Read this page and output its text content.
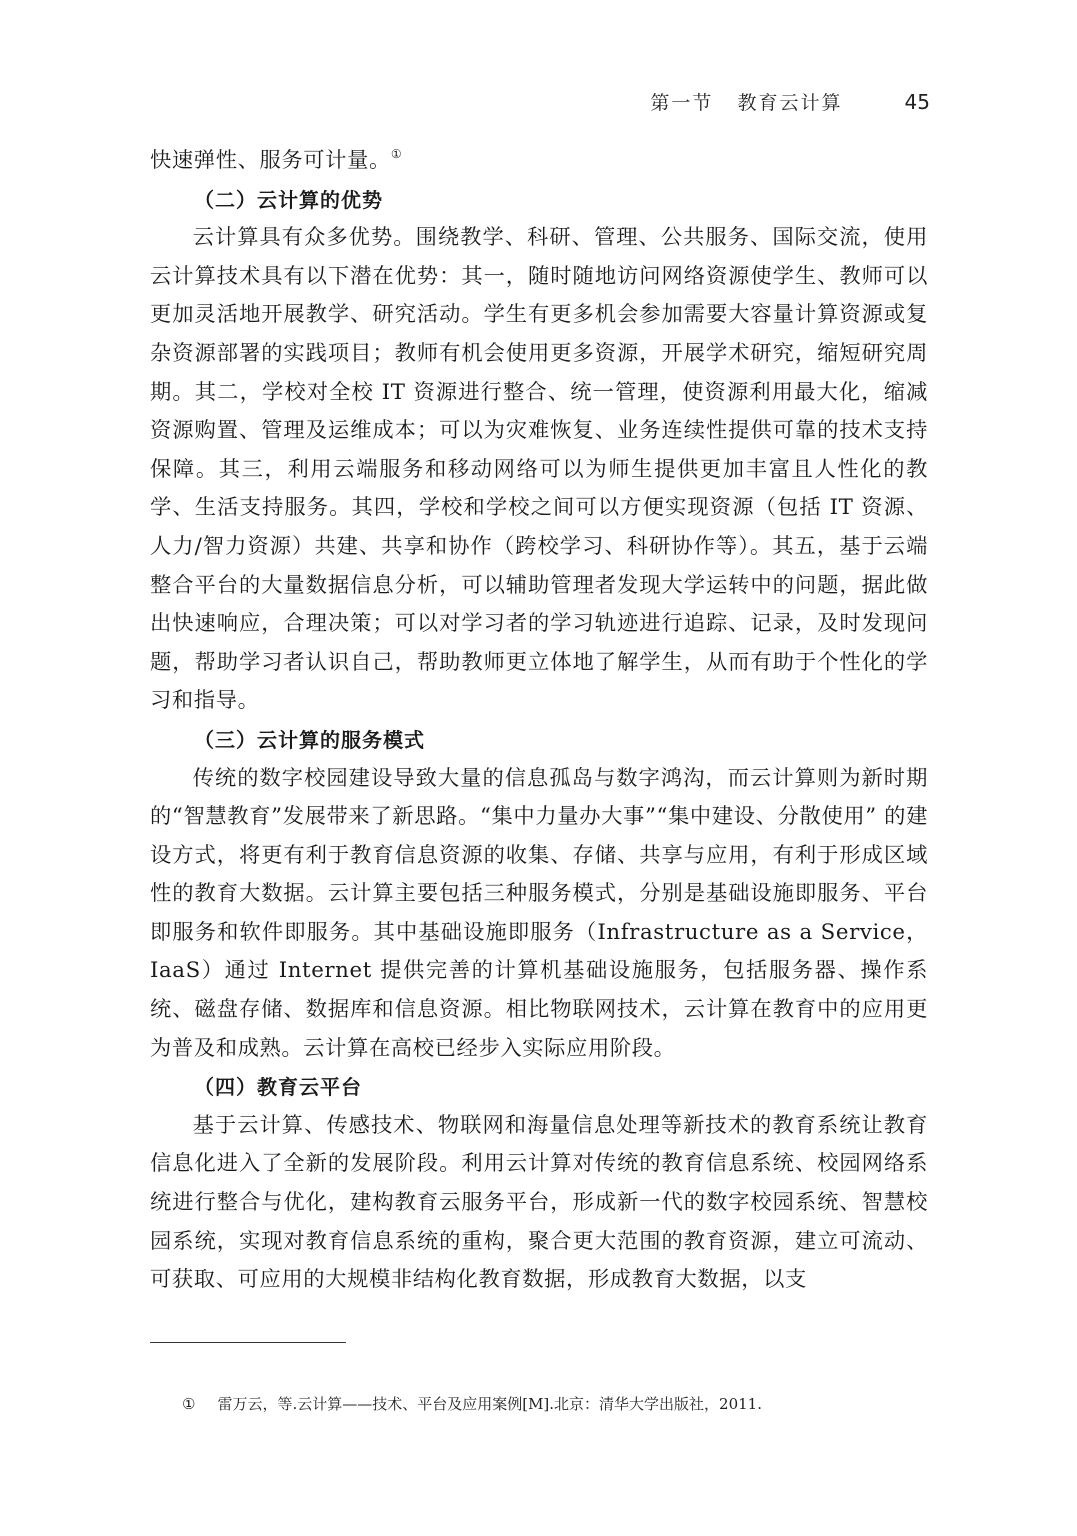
第一节   教育云计算	45

快速弹性、服务可计量。①

（二）云计算的优势

云计算具有众多优势。围绕教学、科研、管理、公共服务、国际交流，使用云计算技术具有以下潜在优势：其一，随时随地访问网络资源使学生、教师可以更加灵活地开展教学、研究活动。学生有更多机会参加需要大容量计算资源或复杂资源部署的实践项目；教师有机会使用更多资源，开展学术研究，缩短研究周期。其二，学校对全校 IT 资源进行整合、统一管理，使资源利用最大化，缩减资源购置、管理及运维成本；可以为灾难恢复、业务连续性提供可靠的技术支持保障。其三，利用云端服务和移动网络可以为师生提供更加丰富且人性化的教学、生活支持服务。其四，学校和学校之间可以方便实现资源（包括 IT 资源、人力/智力资源）共建、共享和协作（跨校学习、科研协作等）。其五，基于云端整合平台的大量数据信息分析，可以辅助管理者发现大学运转中的问题，据此做出快速响应，合理决策；可以对学习者的学习轨迹进行追踪、记录，及时发现问题，帮助学习者认识自己，帮助教师更立体地了解学生，从而有助于个性化的学习和指导。

（三）云计算的服务模式

传统的数字校园建设导致大量的信息孤岛与数字鸿沟，而云计算则为新时期的“智慧教育”发展带来了新思路。“集中力量办大事”“集中建设、分散使用” 的建设方式，将更有利于教育信息资源的收集、存储、共享与应用，有利于形成区域性的教育大数据。云计算主要包括三种服务模式，分别是基础设施即服务、平台即服务和软件即服务。其中基础设施即服务（Infrastructure as a Service，IaaS）通过 Internet 提供完善的计算机基础设施服务，包括服务器、操作系统、磁盘存储、数据库和信息资源。相比物联网技术，云计算在教育中的应用更为普及和成熟。云计算在高校已经步入实际应用阶段。

（四）教育云平台

基于云计算、传感技术、物联网和海量信息处理等新技术的教育系统让教育信息化进入了全新的发展阶段。利用云计算对传统的教育信息系统、校园网络系统进行整合与优化，建构教育云服务平台，形成新一代的数字校园系统、智慧校园系统，实现对教育信息系统的重构，聚合更大范围的教育资源，建立可流动、可获取、可应用的大规模非结构化教育数据，形成教育大数据，以支

① 雷万云，等.云计算——技术、平台及应用案例[M].北京：清华大学出版社，2011.
